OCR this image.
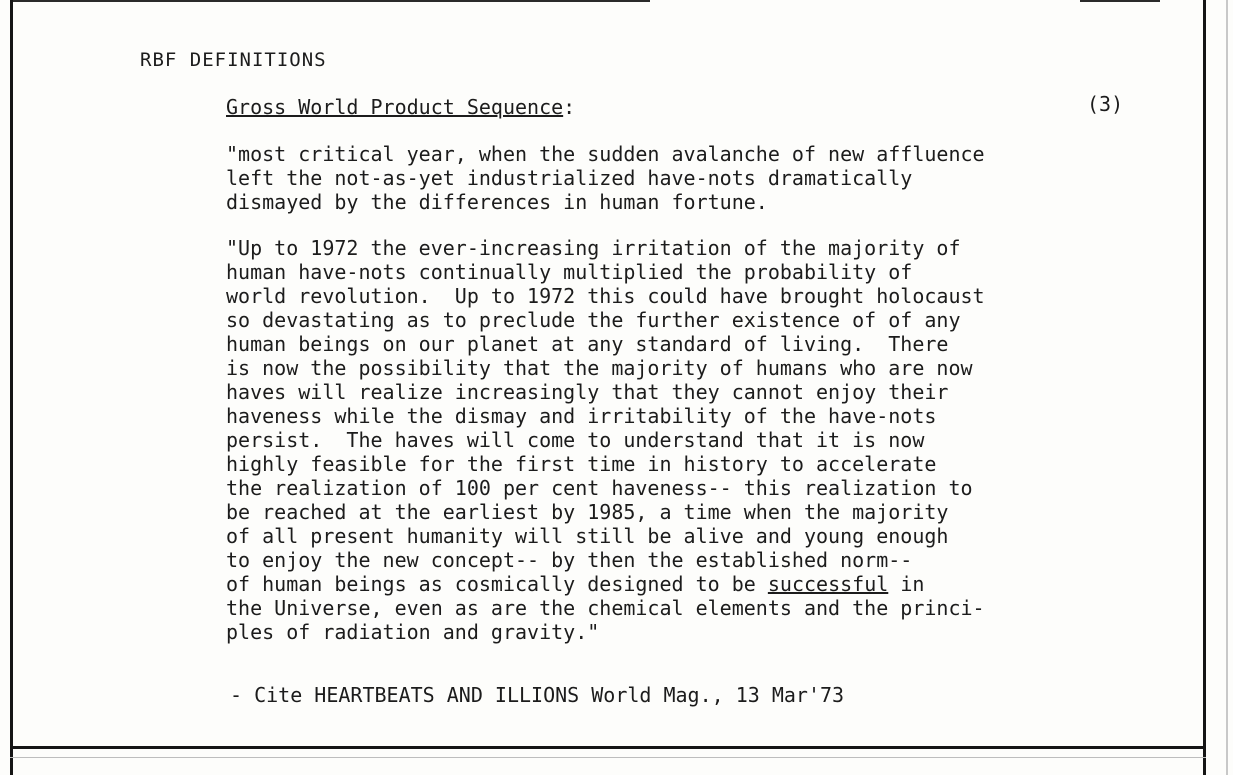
RBF DEFINITIONS
Gross World Product Sequence:	(3)
"most critical year, when the sudden avalanche of new affluence
left the not-as-yet industrialized have-nots dramatically
dismayed by the differences in human fortune.
"Up to 1972 the ever-increasing irritation of the majority of
human have-nots continually multiplied the probability of
world revolution.  Up to 1972 this could have brought holocaust
so devastating as to preclude the further existence of of any
human beings on our planet at any standard of living.  There
is now the possibility that the majority of humans who are now
haves will realize increasingly that they cannot enjoy their
haveness while the dismay and irritability of the have-nots
persist.  The haves will come to understand that it is now
highly feasible for the first time in history to accelerate
the realization of 100 per cent haveness-- this realization to
be reached at the earliest by 1985, a time when the majority
of all present humanity will still be alive and young enough
to enjoy the new concept-- by then the established norm--
of human beings as cosmically designed to be successful in
the Universe, even as are the chemical elements and the princi-
ples of radiation and gravity."
- Cite HEARTBEATS AND ILLIONS World Mag., 13 Mar'73
